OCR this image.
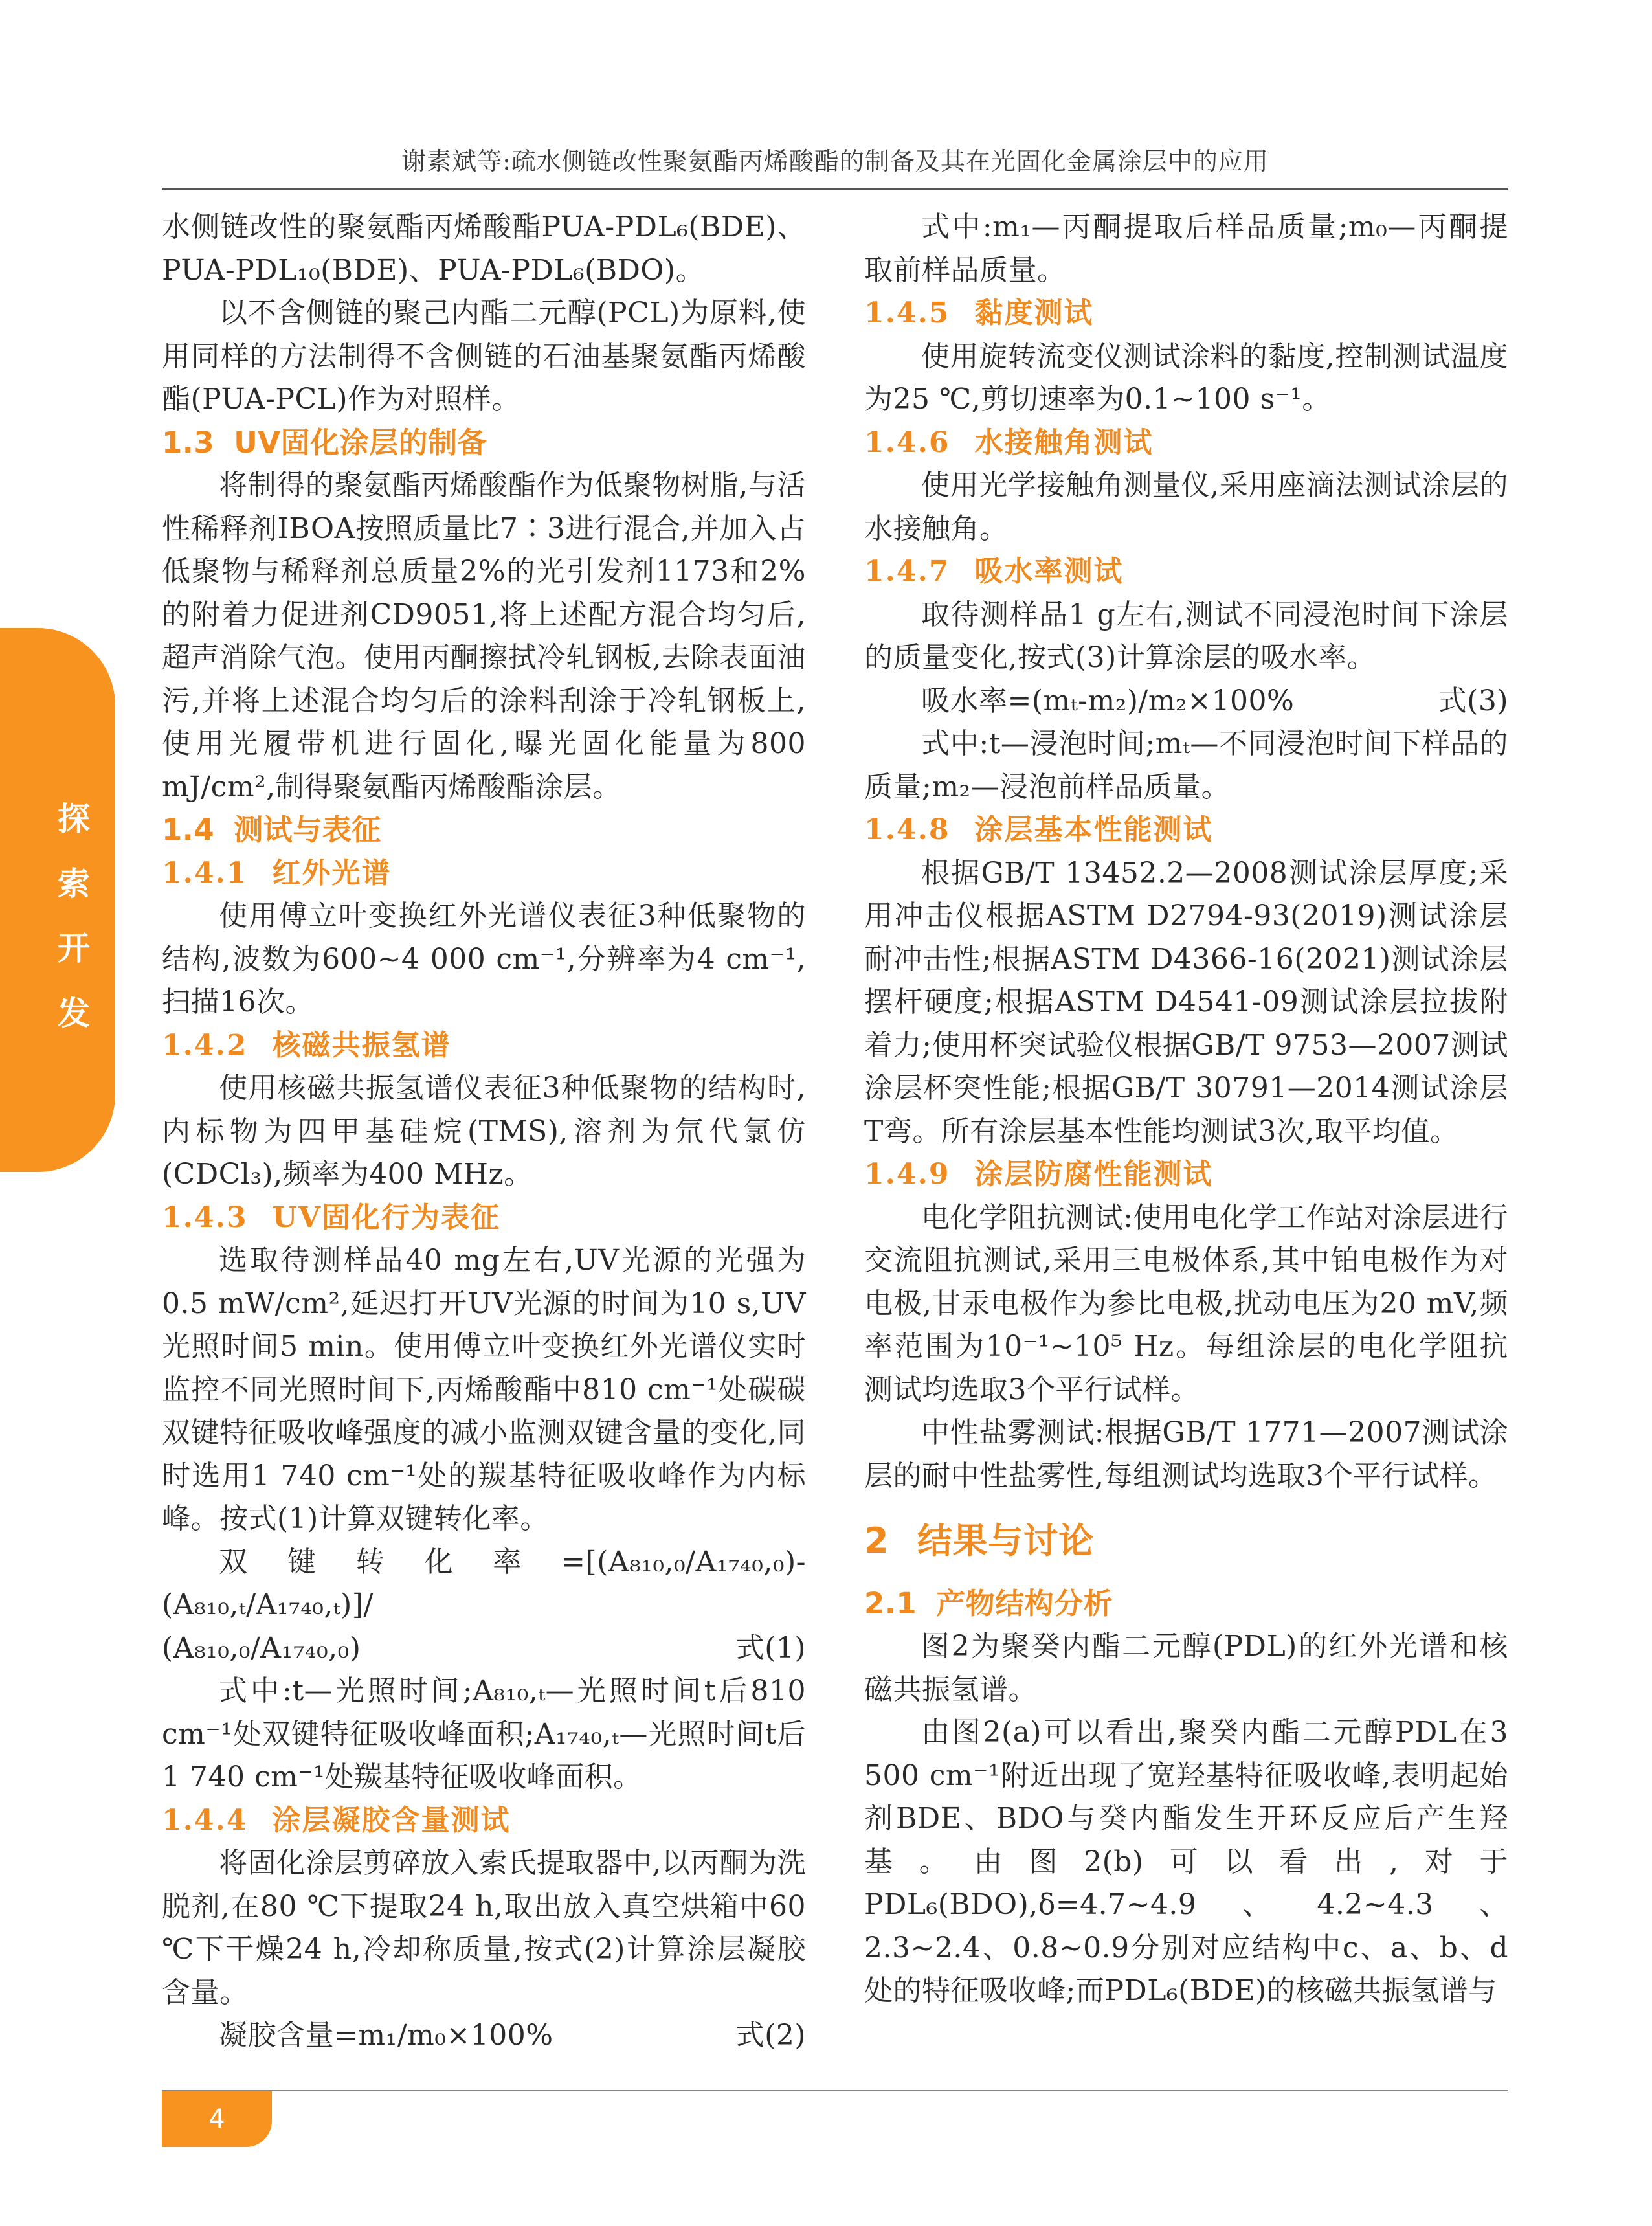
谢素斌等:疏水侧链改性聚氨酯丙烯酸酯的制备及其在光固化金属涂层中的应用
探
索
开
发

水侧链改性的聚氨酯丙烯酸酯PUA-PDL₆(BDE)、PUA-PDL₁₀(BDE)、PUA-PDL₆(BDO)。

以不含侧链的聚己内酯二元醇(PCL)为原料,使用同样的方法制得不含侧链的石油基聚氨酯丙烯酸酯(PUA-PCL)作为对照样。

1.3 UV固化涂层的制备

将制得的聚氨酯丙烯酸酯作为低聚物树脂,与活性稀释剂IBOA按照质量比7∶3进行混合,并加入占低聚物与稀释剂总质量2%的光引发剂1173和2%的附着力促进剂CD9051,将上述配方混合均匀后,超声消除气泡。使用丙酮擦拭冷轧钢板,去除表面油污,并将上述混合均匀后的涂料刮涂于冷轧钢板上,使用光履带机进行固化,曝光固化能量为800 mJ/cm²,制得聚氨酯丙烯酸酯涂层。

1.4 测试与表征
1.4.1 红外光谱

使用傅立叶变换红外光谱仪表征3种低聚物的结构,波数为600~4 000 cm⁻¹,分辨率为4 cm⁻¹,扫描16次。

1.4.2 核磁共振氢谱

使用核磁共振氢谱仪表征3种低聚物的结构时,内标物为四甲基硅烷(TMS),溶剂为氘代氯仿(CDCl₃),频率为400 MHz。

1.4.3 UV固化行为表征

选取待测样品40 mg左右,UV光源的光强为0.5 mW/cm²,延迟打开UV光源的时间为10 s,UV光照时间5 min。使用傅立叶变换红外光谱仪实时监控不同光照时间下,丙烯酸酯中810 cm⁻¹处碳碳双键特征吸收峰强度的减小监测双键含量的变化,同时选用1 740 cm⁻¹处的羰基特征吸收峰作为内标峰。按式(1)计算双键转化率。

双键转化率=[(A₈₁₀,₀/A₁₇₄₀,₀)-(A₈₁₀,ₜ/A₁₇₄₀,ₜ)]/

(A₈₁₀,₀/A₁₇₄₀,₀)	式(1)

式中:t—光照时间;A₈₁₀,ₜ—光照时间t后810 cm⁻¹处双键特征吸收峰面积;A₁₇₄₀,ₜ—光照时间t后1 740 cm⁻¹处羰基特征吸收峰面积。

1.4.4 涂层凝胶含量测试

将固化涂层剪碎放入索氏提取器中,以丙酮为洗脱剂,在80 ℃下提取24 h,取出放入真空烘箱中60 ℃下干燥24 h,冷却称质量,按式(2)计算涂层凝胶含量。

凝胶含量=m₁/m₀×100%	式(2)

式中:m₁—丙酮提取后样品质量;m₀—丙酮提取前样品质量。

1.4.5 黏度测试

使用旋转流变仪测试涂料的黏度,控制测试温度为25 ℃,剪切速率为0.1~100 s⁻¹。

1.4.6 水接触角测试

使用光学接触角测量仪,采用座滴法测试涂层的水接触角。

1.4.7 吸水率测试

取待测样品1 g左右,测试不同浸泡时间下涂层的质量变化,按式(3)计算涂层的吸水率。

吸水率=(mₜ-m₂)/m₂×100%	式(3)

式中:t—浸泡时间;mₜ—不同浸泡时间下样品的质量;m₂—浸泡前样品质量。

1.4.8 涂层基本性能测试

根据GB/T 13452.2—2008测试涂层厚度;采用冲击仪根据ASTM D2794-93(2019)测试涂层耐冲击性;根据ASTM D4366-16(2021)测试涂层摆杆硬度;根据ASTM D4541-09测试涂层拉拔附着力;使用杯突试验仪根据GB/T 9753—2007测试涂层杯突性能;根据GB/T 30791—2014测试涂层T弯。所有涂层基本性能均测试3次,取平均值。

1.4.9 涂层防腐性能测试

电化学阻抗测试:使用电化学工作站对涂层进行交流阻抗测试,采用三电极体系,其中铂电极作为对电极,甘汞电极作为参比电极,扰动电压为20 mV,频率范围为10⁻¹~10⁵ Hz。每组涂层的电化学阻抗测试均选取3个平行试样。

中性盐雾测试:根据GB/T 1771—2007测试涂层的耐中性盐雾性,每组测试均选取3个平行试样。

2 结果与讨论
2.1 产物结构分析

图2为聚癸内酯二元醇(PDL)的红外光谱和核磁共振氢谱。

由图2(a)可以看出,聚癸内酯二元醇PDL在3 500 cm⁻¹附近出现了宽羟基特征吸收峰,表明起始剂BDE、BDO与癸内酯发生开环反应后产生羟基。由图2(b)可以看出,对于PDL₆(BDO),δ=4.7~4.9、4.2~4.3、2.3~2.4、0.8~0.9分别对应结构中c、a、b、d处的特征吸收峰;而PDL₆(BDE)的核磁共振氢谱与

4
